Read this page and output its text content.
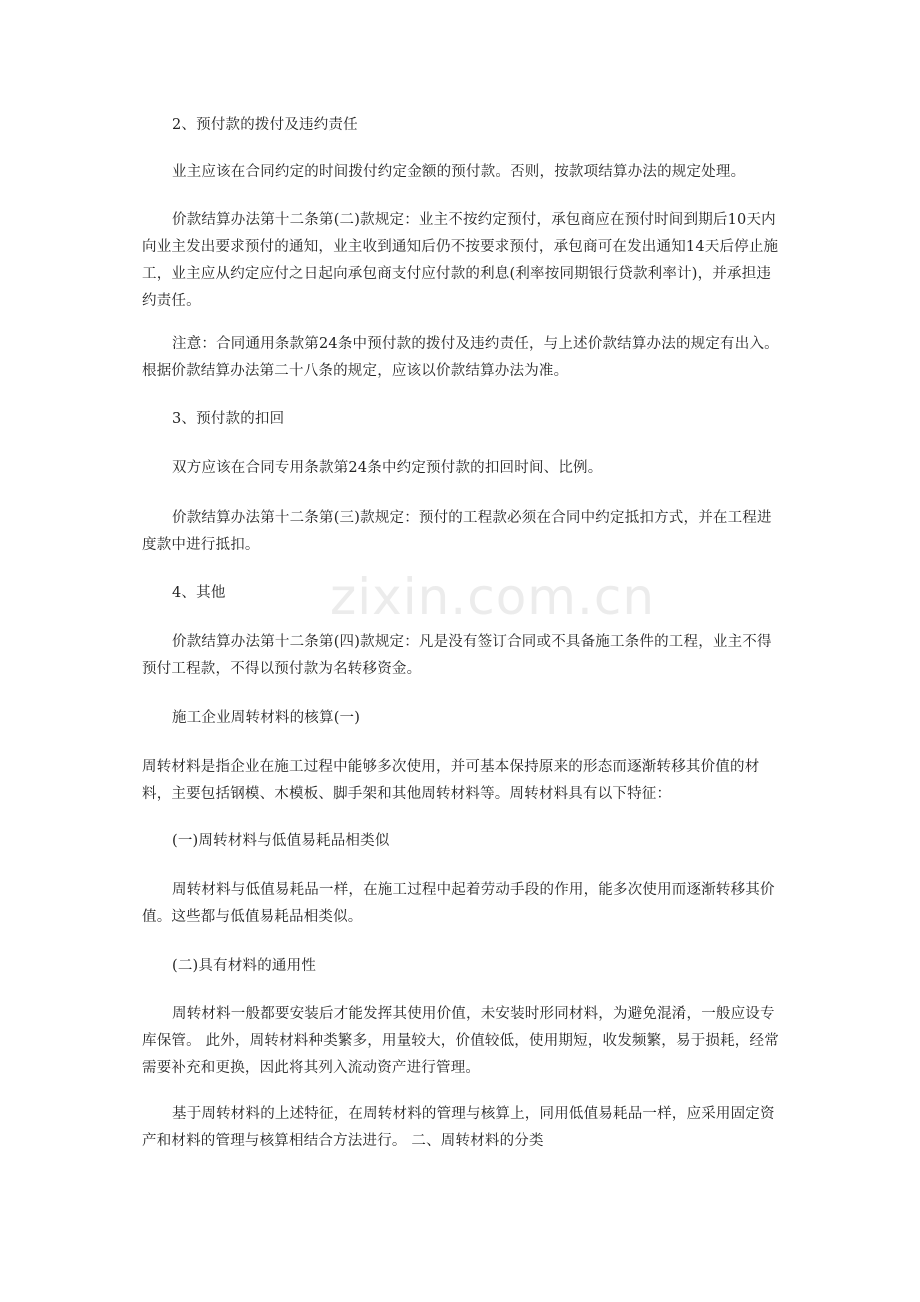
zixin.com.cn

2、预付款的拨付及违约责任

业主应该在合同约定的时间拨付约定金额的预付款。否则，按款项结算办法的规定处理。

价款结算办法第十二条第(二)款规定：业主不按约定预付，承包商应在预付时间到期后10天内向业主发出要求预付的通知，业主收到通知后仍不按要求预付，承包商可在发出通知14天后停止施工，业主应从约定应付之日起向承包商支付应付款的利息(利率按同期银行贷款利率计)，并承担违约责任。

注意：合同通用条款第24条中预付款的拨付及违约责任，与上述价款结算办法的规定有出入。根据价款结算办法第二十八条的规定，应该以价款结算办法为准。

3、预付款的扣回

双方应该在合同专用条款第24条中约定预付款的扣回时间、比例。

价款结算办法第十二条第(三)款规定：预付的工程款必须在合同中约定抵扣方式，并在工程进度款中进行抵扣。

4、其他

价款结算办法第十二条第(四)款规定：凡是没有签订合同或不具备施工条件的工程，业主不得预付工程款，不得以预付款为名转移资金。

施工企业周转材料的核算(一)

周转材料是指企业在施工过程中能够多次使用，并可基本保持原来的形态而逐渐转移其价值的材料，主要包括钢模、木模板、脚手架和其他周转材料等。周转材料具有以下特征：

(一)周转材料与低值易耗品相类似

周转材料与低值易耗品一样，在施工过程中起着劳动手段的作用，能多次使用而逐渐转移其价值。这些都与低值易耗品相类似。

(二)具有材料的通用性

周转材料一般都要安装后才能发挥其使用价值，未安装时形同材料，为避免混淆，一般应设专库保管。 此外，周转材料种类繁多，用量较大，价值较低，使用期短，收发频繁，易于损耗，经常需要补充和更换，因此将其列入流动资产进行管理。

基于周转材料的上述特征，在周转材料的管理与核算上，同用低值易耗品一样，应采用固定资产和材料的管理与核算相结合方法进行。 二、周转材料的分类
